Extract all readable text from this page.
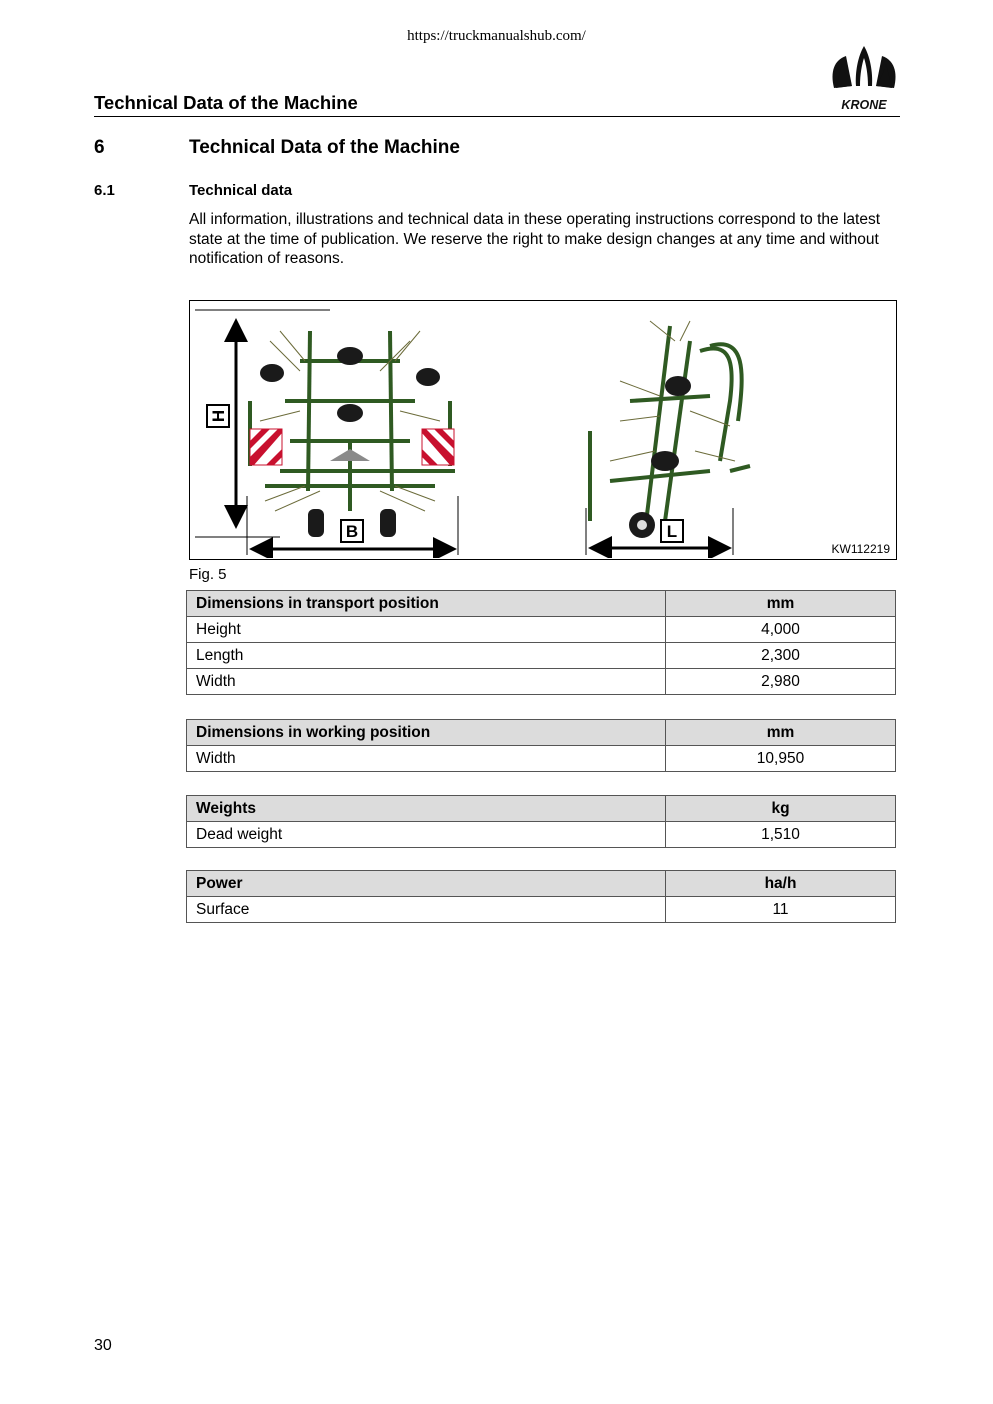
https://truckmanualshub.com/
Technical Data of the Machine	KRONE
6	Technical Data of the Machine
6.1	Technical data
All information, illustrations and technical data in these operating instructions correspond to the latest state at the time of publication. We reserve the right to make design changes at any time and without notification of reasons.
H
B	L
KW112219
Fig. 5
Dimensions in transport position	mm
Height	4,000
Length	2,300
Width	2,980
Dimensions in working position	mm
Width	10,950
Weights	kg
Dead weight	1,510
Power	ha/h
Surface	11
30
